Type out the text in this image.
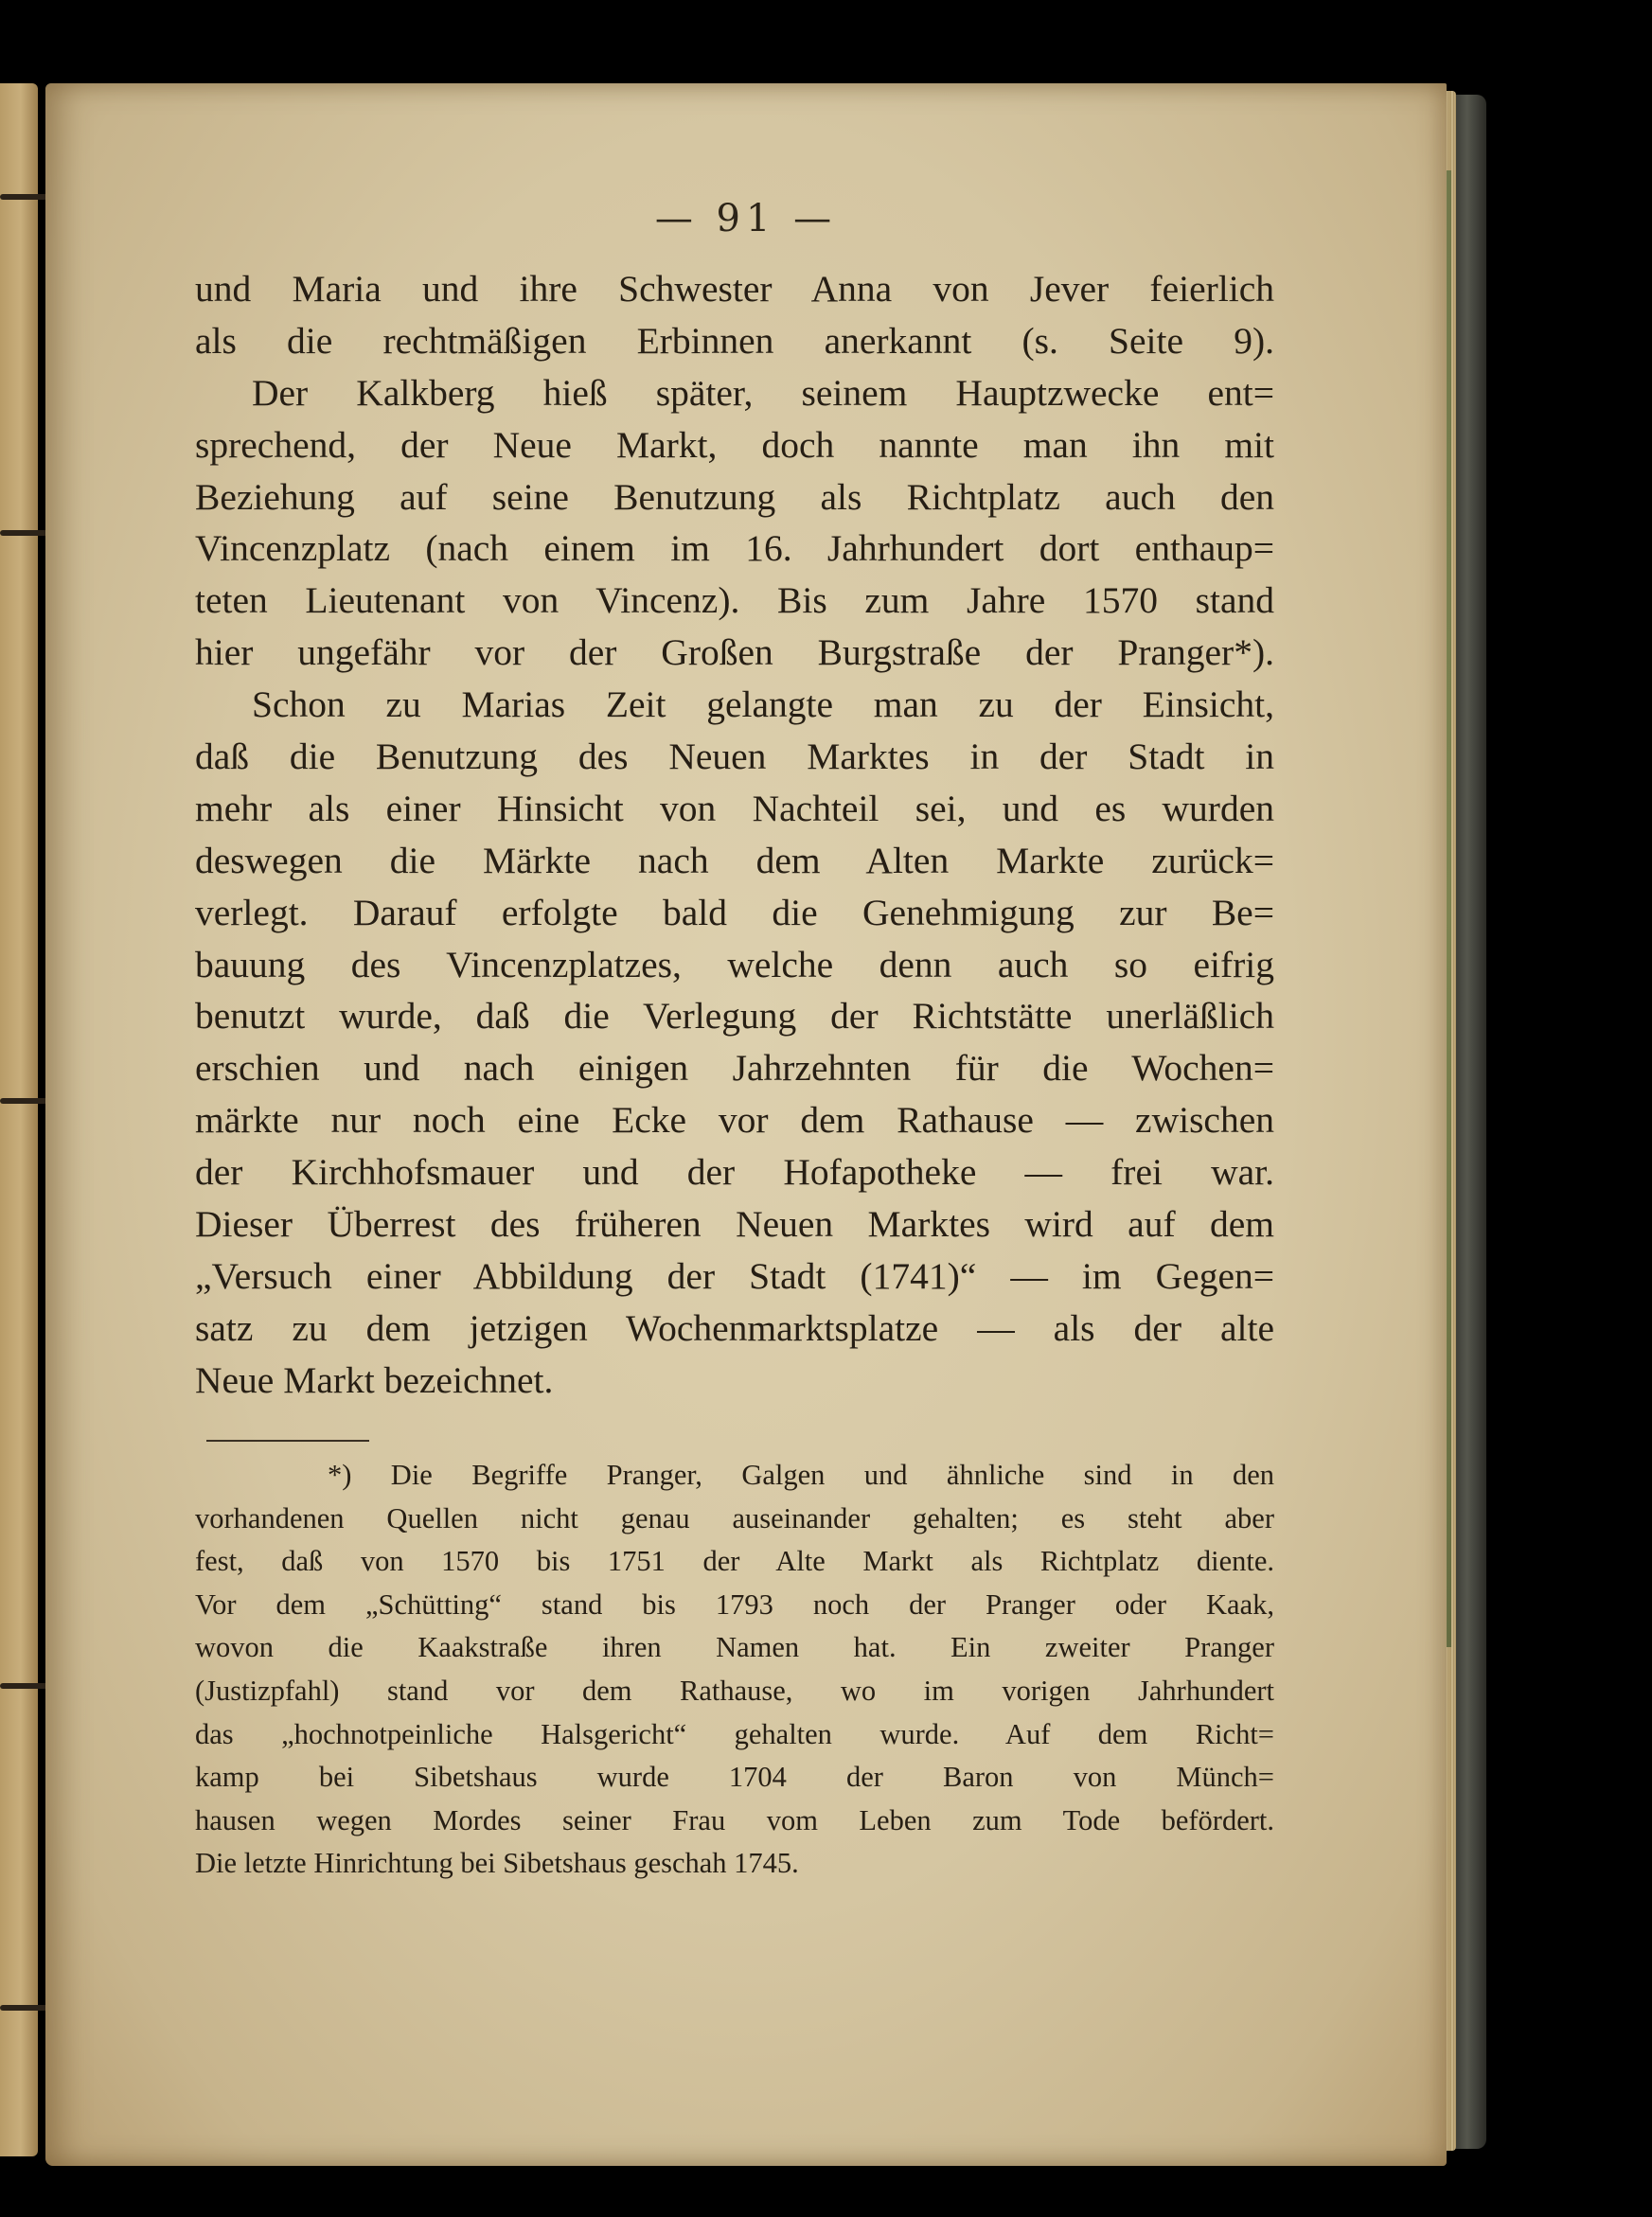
— 91 —
und Maria und ihre Schwester Anna von Jever feierlich
als die rechtmäßigen Erbinnen anerkannt (s. Seite 9).
Der Kalkberg hieß später, seinem Hauptzwecke ent=
sprechend, der Neue Markt, doch nannte man ihn mit
Beziehung auf seine Benutzung als Richtplatz auch den
Vincenzplatz (nach einem im 16. Jahrhundert dort enthaup=
teten Lieutenant von Vincenz). Bis zum Jahre 1570 stand
hier ungefähr vor der Großen Burgstraße der Pranger*).
Schon zu Marias Zeit gelangte man zu der Einsicht,
daß die Benutzung des Neuen Marktes in der Stadt in
mehr als einer Hinsicht von Nachteil sei, und es wurden
deswegen die Märkte nach dem Alten Markte zurück=
verlegt. Darauf erfolgte bald die Genehmigung zur Be=
bauung des Vincenzplatzes, welche denn auch so eifrig
benutzt wurde, daß die Verlegung der Richtstätte unerläßlich
erschien und nach einigen Jahrzehnten für die Wochen=
märkte nur noch eine Ecke vor dem Rathause — zwischen
der Kirchhofsmauer und der Hofapotheke — frei war.
Dieser Überrest des früheren Neuen Marktes wird auf dem
„Versuch einer Abbildung der Stadt (1741)“ — im Gegen=
satz zu dem jetzigen Wochenmarktsplatze — als der alte
Neue Markt bezeichnet.
*) Die Begriffe Pranger, Galgen und ähnliche sind in den
vorhandenen Quellen nicht genau auseinander gehalten; es steht aber
fest, daß von 1570 bis 1751 der Alte Markt als Richtplatz diente.
Vor dem „Schütting“ stand bis 1793 noch der Pranger oder Kaak,
wovon die Kaakstraße ihren Namen hat. Ein zweiter Pranger
(Justizpfahl) stand vor dem Rathause, wo im vorigen Jahrhundert
das „hochnotpeinliche Halsgericht“ gehalten wurde. Auf dem Richt=
kamp bei Sibetshaus wurde 1704 der Baron von Münch=
hausen wegen Mordes seiner Frau vom Leben zum Tode befördert.
Die letzte Hinrichtung bei Sibetshaus geschah 1745.
